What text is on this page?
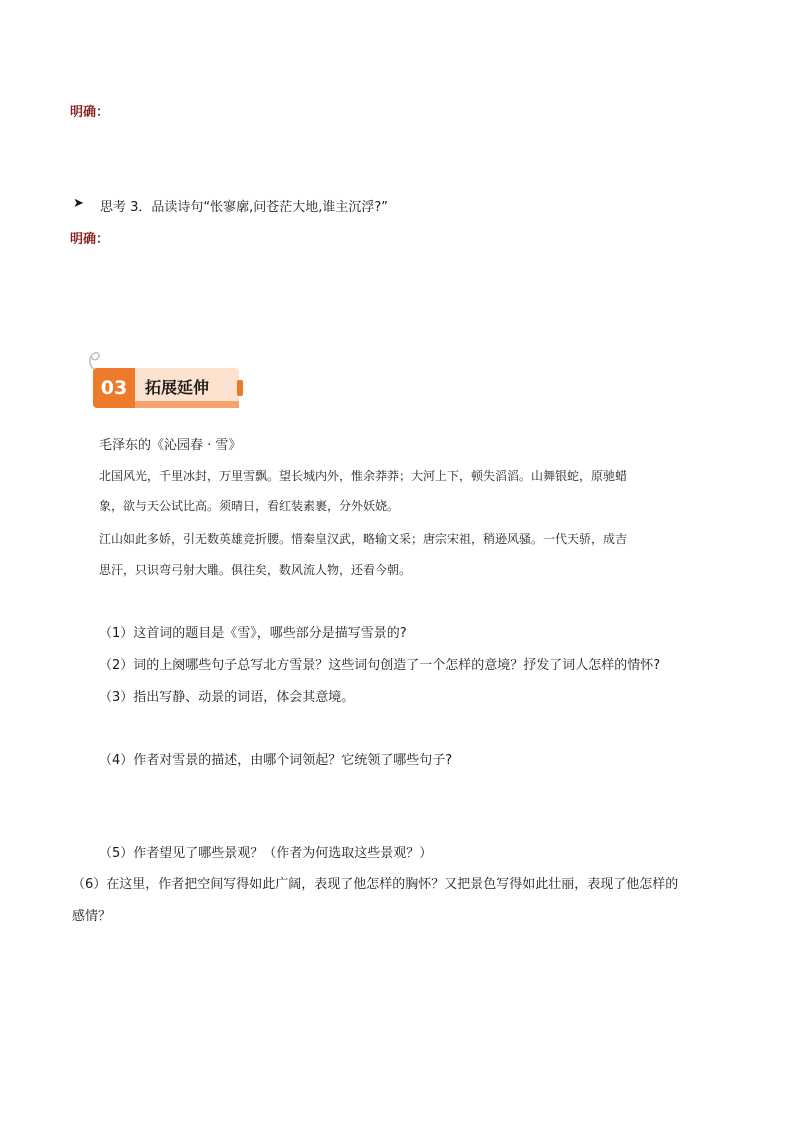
明确：
➤ 思考 3．品读诗句“怅寥廓,问苍茫大地,谁主沉浮?”
明确：
03	拓展延伸
毛泽东的《沁园春 · 雪》
北国风光，千里冰封，万里雪飘。望长城内外，惟余莽莽；大河上下，顿失滔滔。山舞银蛇，原驰蜡
象，欲与天公试比高。须晴日，看红装素裹，分外妖娆。
江山如此多娇，引无数英雄竞折腰。惜秦皇汉武，略输文采；唐宗宋祖，稍逊风骚。一代天骄，成吉
思汗，只识弯弓射大雕。俱往矣，数风流人物，还看今朝。
（1）这首词的题目是《雪》，哪些部分是描写雪景的?
（2）词的上阕哪些句子总写北方雪景？这些词句创造了一个怎样的意境？抒发了词人怎样的情怀?
（3）指出写静、动景的词语，体会其意境。
（4）作者对雪景的描述，由哪个词领起？它统领了哪些句子?
（5）作者望见了哪些景观？（作者为何选取这些景观？）
（6）在这里，作者把空间写得如此广阔，表现了他怎样的胸怀？又把景色写得如此壮丽，表现了他怎样的
感情？
